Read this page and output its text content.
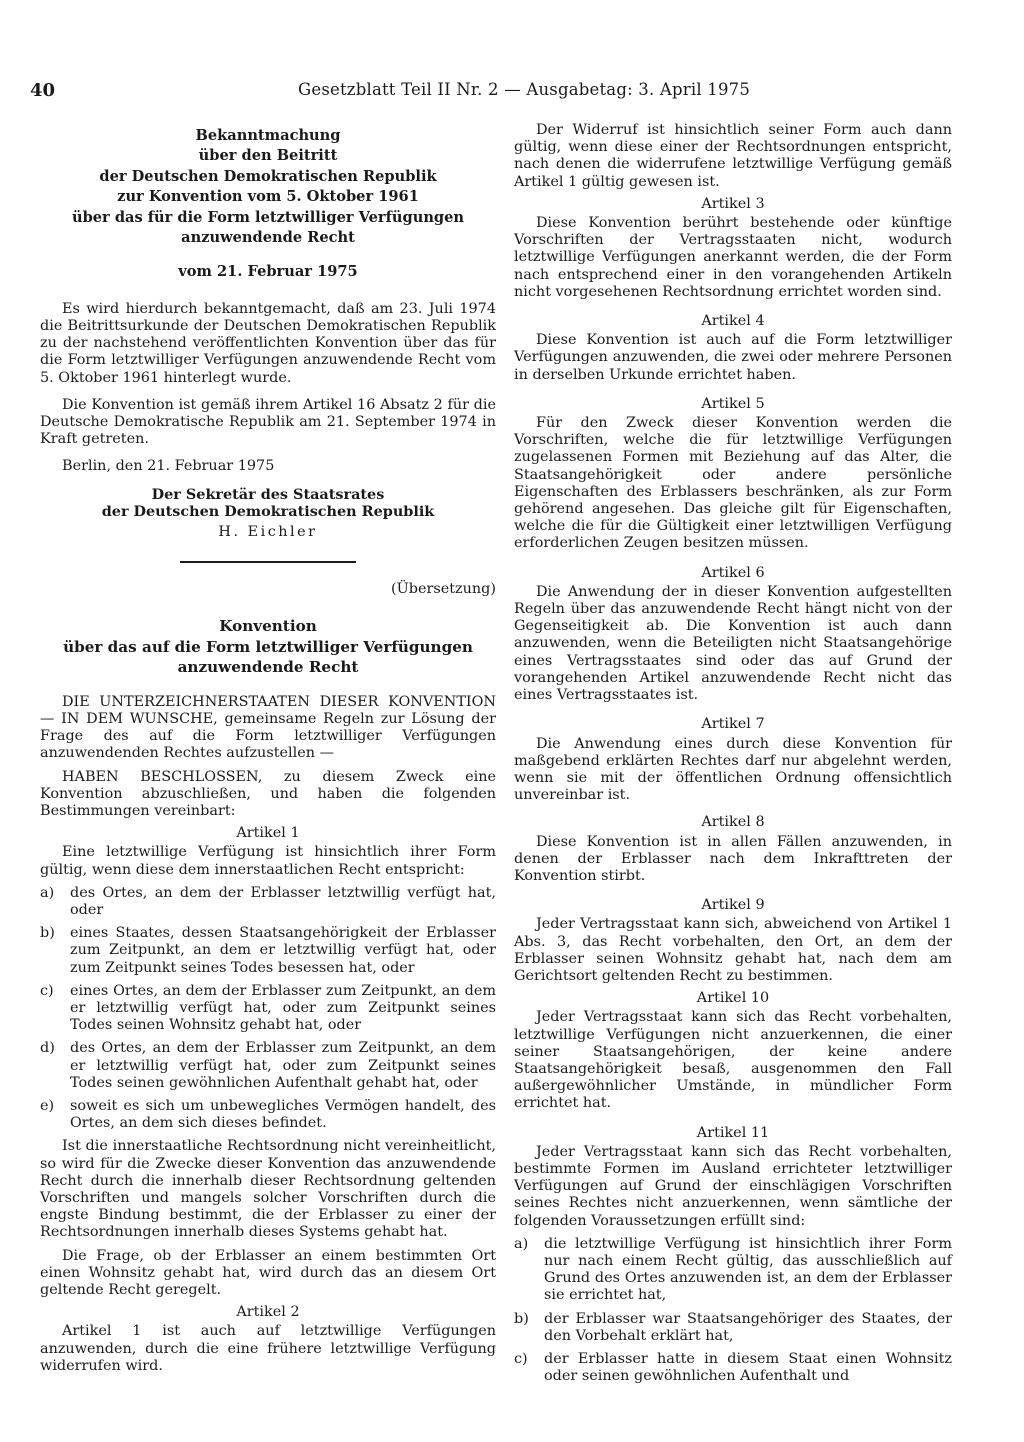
40	Gesetzblatt Teil II Nr. 2 — Ausgabetag: 3. April 1975
Bekanntmachung
über den Beitritt
der Deutschen Demokratischen Republik
zur Konvention vom 5. Oktober 1961
über das für die Form letztwilliger Verfügungen
anzuwendende Recht
vom 21. Februar 1975

Es wird hierdurch bekanntgemacht, daß am 23. Juli 1974 die Beitrittsurkunde der Deutschen Demokratischen Republik zu der nachstehend veröffentlichten Konvention über das für die Form letztwilliger Verfügungen anzuwendende Recht vom 5. Oktober 1961 hinterlegt wurde.

Die Konvention ist gemäß ihrem Artikel 16 Absatz 2 für die Deutsche Demokratische Republik am 21. September 1974 in Kraft getreten.

Berlin, den 21. Februar 1975

Der Sekretär des Staatsrates
der Deutschen Demokratischen Republik
H. Eichler
(Übersetzung)
Konvention
über das auf die Form letztwilliger Verfügungen
anzuwendende Recht

DIE UNTERZEICHNERSTAATEN DIESER KONVENTION — IN DEM WUNSCHE, gemeinsame Regeln zur Lösung der Frage des auf die Form letztwilliger Verfügungen anzuwendenden Rechtes aufzustellen —

HABEN BESCHLOSSEN, zu diesem Zweck eine Konvention abzuschließen, und haben die folgenden Bestimmungen vereinbart:

Artikel 1

Eine letztwillige Verfügung ist hinsichtlich ihrer Form gültig, wenn diese dem innerstaatlichen Recht entspricht:

a) des Ortes, an dem der Erblasser letztwillig verfügt hat, oder
b) eines Staates, dessen Staatsangehörigkeit der Erblasser zum Zeitpunkt, an dem er letztwillig verfügt hat, oder zum Zeitpunkt seines Todes besessen hat, oder
c) eines Ortes, an dem der Erblasser zum Zeitpunkt, an dem er letztwillig verfügt hat, oder zum Zeitpunkt seines Todes seinen Wohnsitz gehabt hat, oder
d) des Ortes, an dem der Erblasser zum Zeitpunkt, an dem er letztwillig verfügt hat, oder zum Zeitpunkt seines Todes seinen gewöhnlichen Aufenthalt gehabt hat, oder
e) soweit es sich um unbewegliches Vermögen handelt, des Ortes, an dem sich dieses befindet.

Ist die innerstaatliche Rechtsordnung nicht vereinheitlicht, so wird für die Zwecke dieser Konvention das anzuwendende Recht durch die innerhalb dieser Rechtsordnung geltenden Vorschriften und mangels solcher Vorschriften durch die engste Bindung bestimmt, die der Erblasser zu einer der Rechtsordnungen innerhalb dieses Systems gehabt hat.

Die Frage, ob der Erblasser an einem bestimmten Ort einen Wohnsitz gehabt hat, wird durch das an diesem Ort geltende Recht geregelt.

Artikel 2

Artikel 1 ist auch auf letztwillige Verfügungen anzuwenden, durch die eine frühere letztwillige Verfügung widerrufen wird.

Der Widerruf ist hinsichtlich seiner Form auch dann gültig, wenn diese einer der Rechtsordnungen entspricht, nach denen die widerrufene letztwillige Verfügung gemäß Artikel 1 gültig gewesen ist.

Artikel 3

Diese Konvention berührt bestehende oder künftige Vorschriften der Vertragsstaaten nicht, wodurch letztwillige Verfügungen anerkannt werden, die der Form nach entsprechend einer in den vorangehenden Artikeln nicht vorgesehenen Rechtsordnung errichtet worden sind.

Artikel 4

Diese Konvention ist auch auf die Form letztwilliger Verfügungen anzuwenden, die zwei oder mehrere Personen in derselben Urkunde errichtet haben.

Artikel 5

Für den Zweck dieser Konvention werden die Vorschriften, welche die für letztwillige Verfügungen zugelassenen Formen mit Beziehung auf das Alter, die Staatsangehörigkeit oder andere persönliche Eigenschaften des Erblassers beschränken, als zur Form gehörend angesehen. Das gleiche gilt für Eigenschaften, welche die für die Gültigkeit einer letztwilligen Verfügung erforderlichen Zeugen besitzen müssen.

Artikel 6

Die Anwendung der in dieser Konvention aufgestellten Regeln über das anzuwendende Recht hängt nicht von der Gegenseitigkeit ab. Die Konvention ist auch dann anzuwenden, wenn die Beteiligten nicht Staatsangehörige eines Vertragsstaates sind oder das auf Grund der vorangehenden Artikel anzuwendende Recht nicht das eines Vertragsstaates ist.

Artikel 7

Die Anwendung eines durch diese Konvention für maßgebend erklärten Rechtes darf nur abgelehnt werden, wenn sie mit der öffentlichen Ordnung offensichtlich unvereinbar ist.

Artikel 8

Diese Konvention ist in allen Fällen anzuwenden, in denen der Erblasser nach dem Inkrafttreten der Konvention stirbt.

Artikel 9

Jeder Vertragsstaat kann sich, abweichend von Artikel 1 Abs. 3, das Recht vorbehalten, den Ort, an dem der Erblasser seinen Wohnsitz gehabt hat, nach dem am Gerichtsort geltenden Recht zu bestimmen.

Artikel 10

Jeder Vertragsstaat kann sich das Recht vorbehalten, letztwillige Verfügungen nicht anzuerkennen, die einer seiner Staatsangehörigen, der keine andere Staatsangehörigkeit besaß, ausgenommen den Fall außergewöhnlicher Umstände, in mündlicher Form errichtet hat.

Artikel 11

Jeder Vertragsstaat kann sich das Recht vorbehalten, bestimmte Formen im Ausland errichteter letztwilliger Verfügungen auf Grund der einschlägigen Vorschriften seines Rechtes nicht anzuerkennen, wenn sämtliche der folgenden Voraussetzungen erfüllt sind:

a) die letztwillige Verfügung ist hinsichtlich ihrer Form nur nach einem Recht gültig, das ausschließlich auf Grund des Ortes anzuwenden ist, an dem der Erblasser sie errichtet hat,
b) der Erblasser war Staatsangehöriger des Staates, der den Vorbehalt erklärt hat,
c) der Erblasser hatte in diesem Staat einen Wohnsitz oder seinen gewöhnlichen Aufenthalt und
